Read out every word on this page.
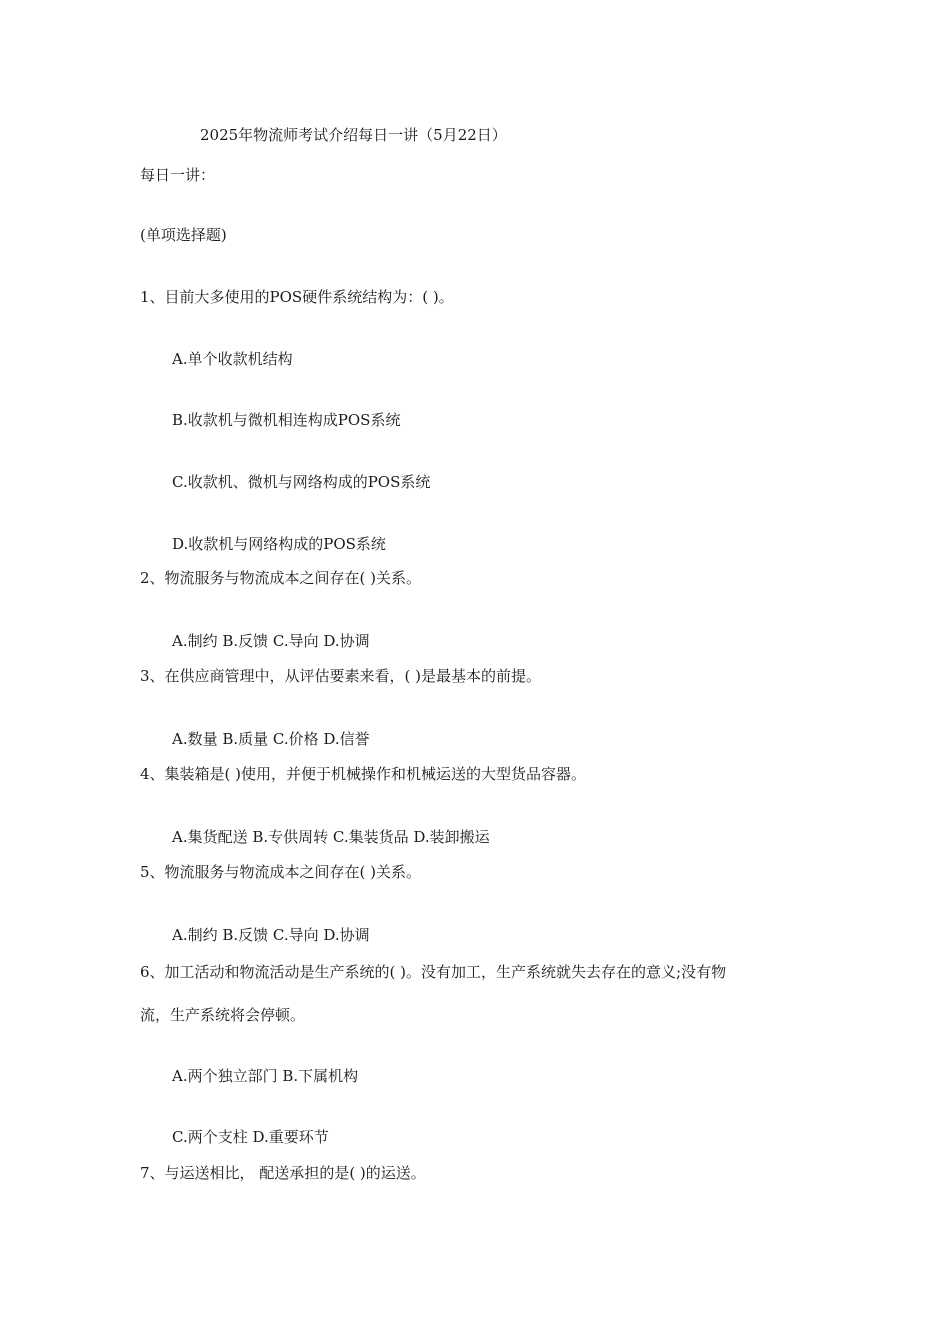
2025年物流师考试介绍每日一讲（5月22日）
每日一讲：
(单项选择题)
1、目前大多使用的POS硬件系统结构为：( )。
A.单个收款机结构
B.收款机与微机相连构成POS系统
C.收款机、微机与网络构成的POS系统
D.收款机与网络构成的POS系统
2、物流服务与物流成本之间存在( )关系。
A.制约 B.反馈 C.导向 D.协调
3、在供应商管理中，从评估要素来看，( )是最基本的前提。
A.数量 B.质量 C.价格 D.信誉
4、集装箱是( )使用，并便于机械操作和机械运送的大型货品容器。
A.集货配送 B.专供周转 C.集装货品 D.装卸搬运
5、物流服务与物流成本之间存在( )关系。
A.制约 B.反馈 C.导向 D.协调
6、加工活动和物流活动是生产系统的( )。没有加工，生产系统就失去存在的意义;没有物
流，生产系统将会停顿。
A.两个独立部门 B.下属机构
C.两个支柱 D.重要环节
7、与运送相比， 配送承担的是( )的运送。
